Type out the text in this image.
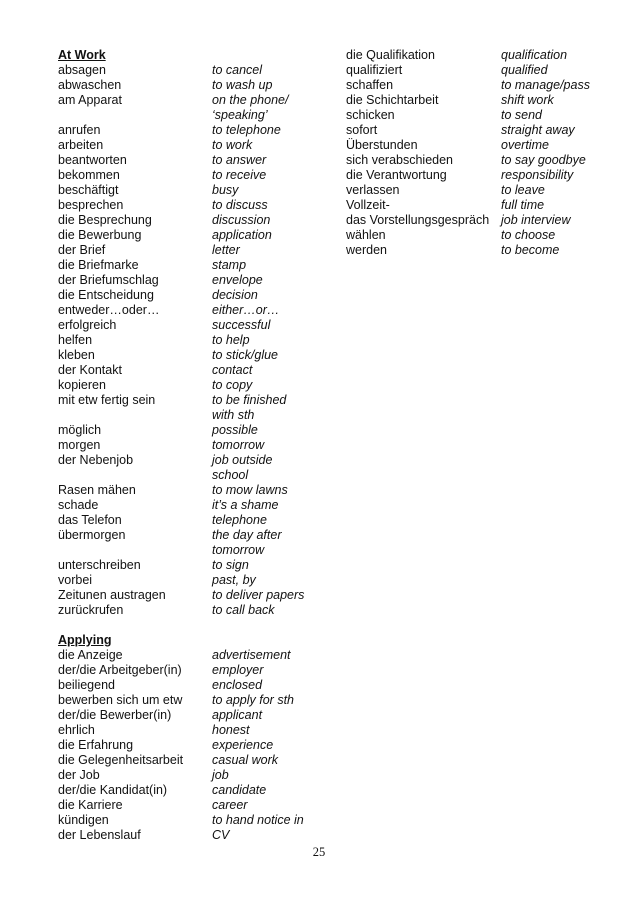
At Work
absagen	to cancel
abwaschen	to wash up
am Apparat	on the phone/
‘speaking’
anrufen	to telephone
arbeiten	to work
beantworten	to answer
bekommen	to receive
beschäftigt	busy
besprechen	to discuss
die Besprechung	discussion
die Bewerbung	application
der Brief	letter
die Briefmarke	stamp
der Briefumschlag	envelope
die Entscheidung	decision
entweder…oder…	either…or…
erfolgreich	successful
helfen	to help
kleben	to stick/glue
der Kontakt	contact
kopieren	to copy
mit etw fertig sein	to be finished
with sth
möglich	possible
morgen	tomorrow
der Nebenjob	job outside
school
Rasen mähen	to mow lawns
schade	it’s a shame
das Telefon	telephone
übermorgen	the day after
tomorrow
unterschreiben	to sign
vorbei	past, by
Zeitunen austragen	to deliver papers
zurückrufen	to call back
Applying
die Anzeige	advertisement
der/die Arbeitgeber(in)	employer
beiliegend	enclosed
bewerben sich um etw	to apply for sth
der/die Bewerber(in)	applicant
ehrlich	honest
die Erfahrung	experience
die Gelegenheitsarbeit	casual work
der Job	job
der/die Kandidat(in)	candidate
die Karriere	career
kündigen	to hand notice in
der Lebenslauf	CV
die Qualifikation	qualification
qualifiziert	qualified
schaffen	to manage/pass
die Schichtarbeit	shift work
schicken	to send
sofort	straight away
Überstunden	overtime
sich verabschieden	to say goodbye
die Verantwortung	responsibility
verlassen	to leave
Vollzeit-	full time
das Vorstellungsgespräch job interview
wählen	to choose
werden	to become
25
